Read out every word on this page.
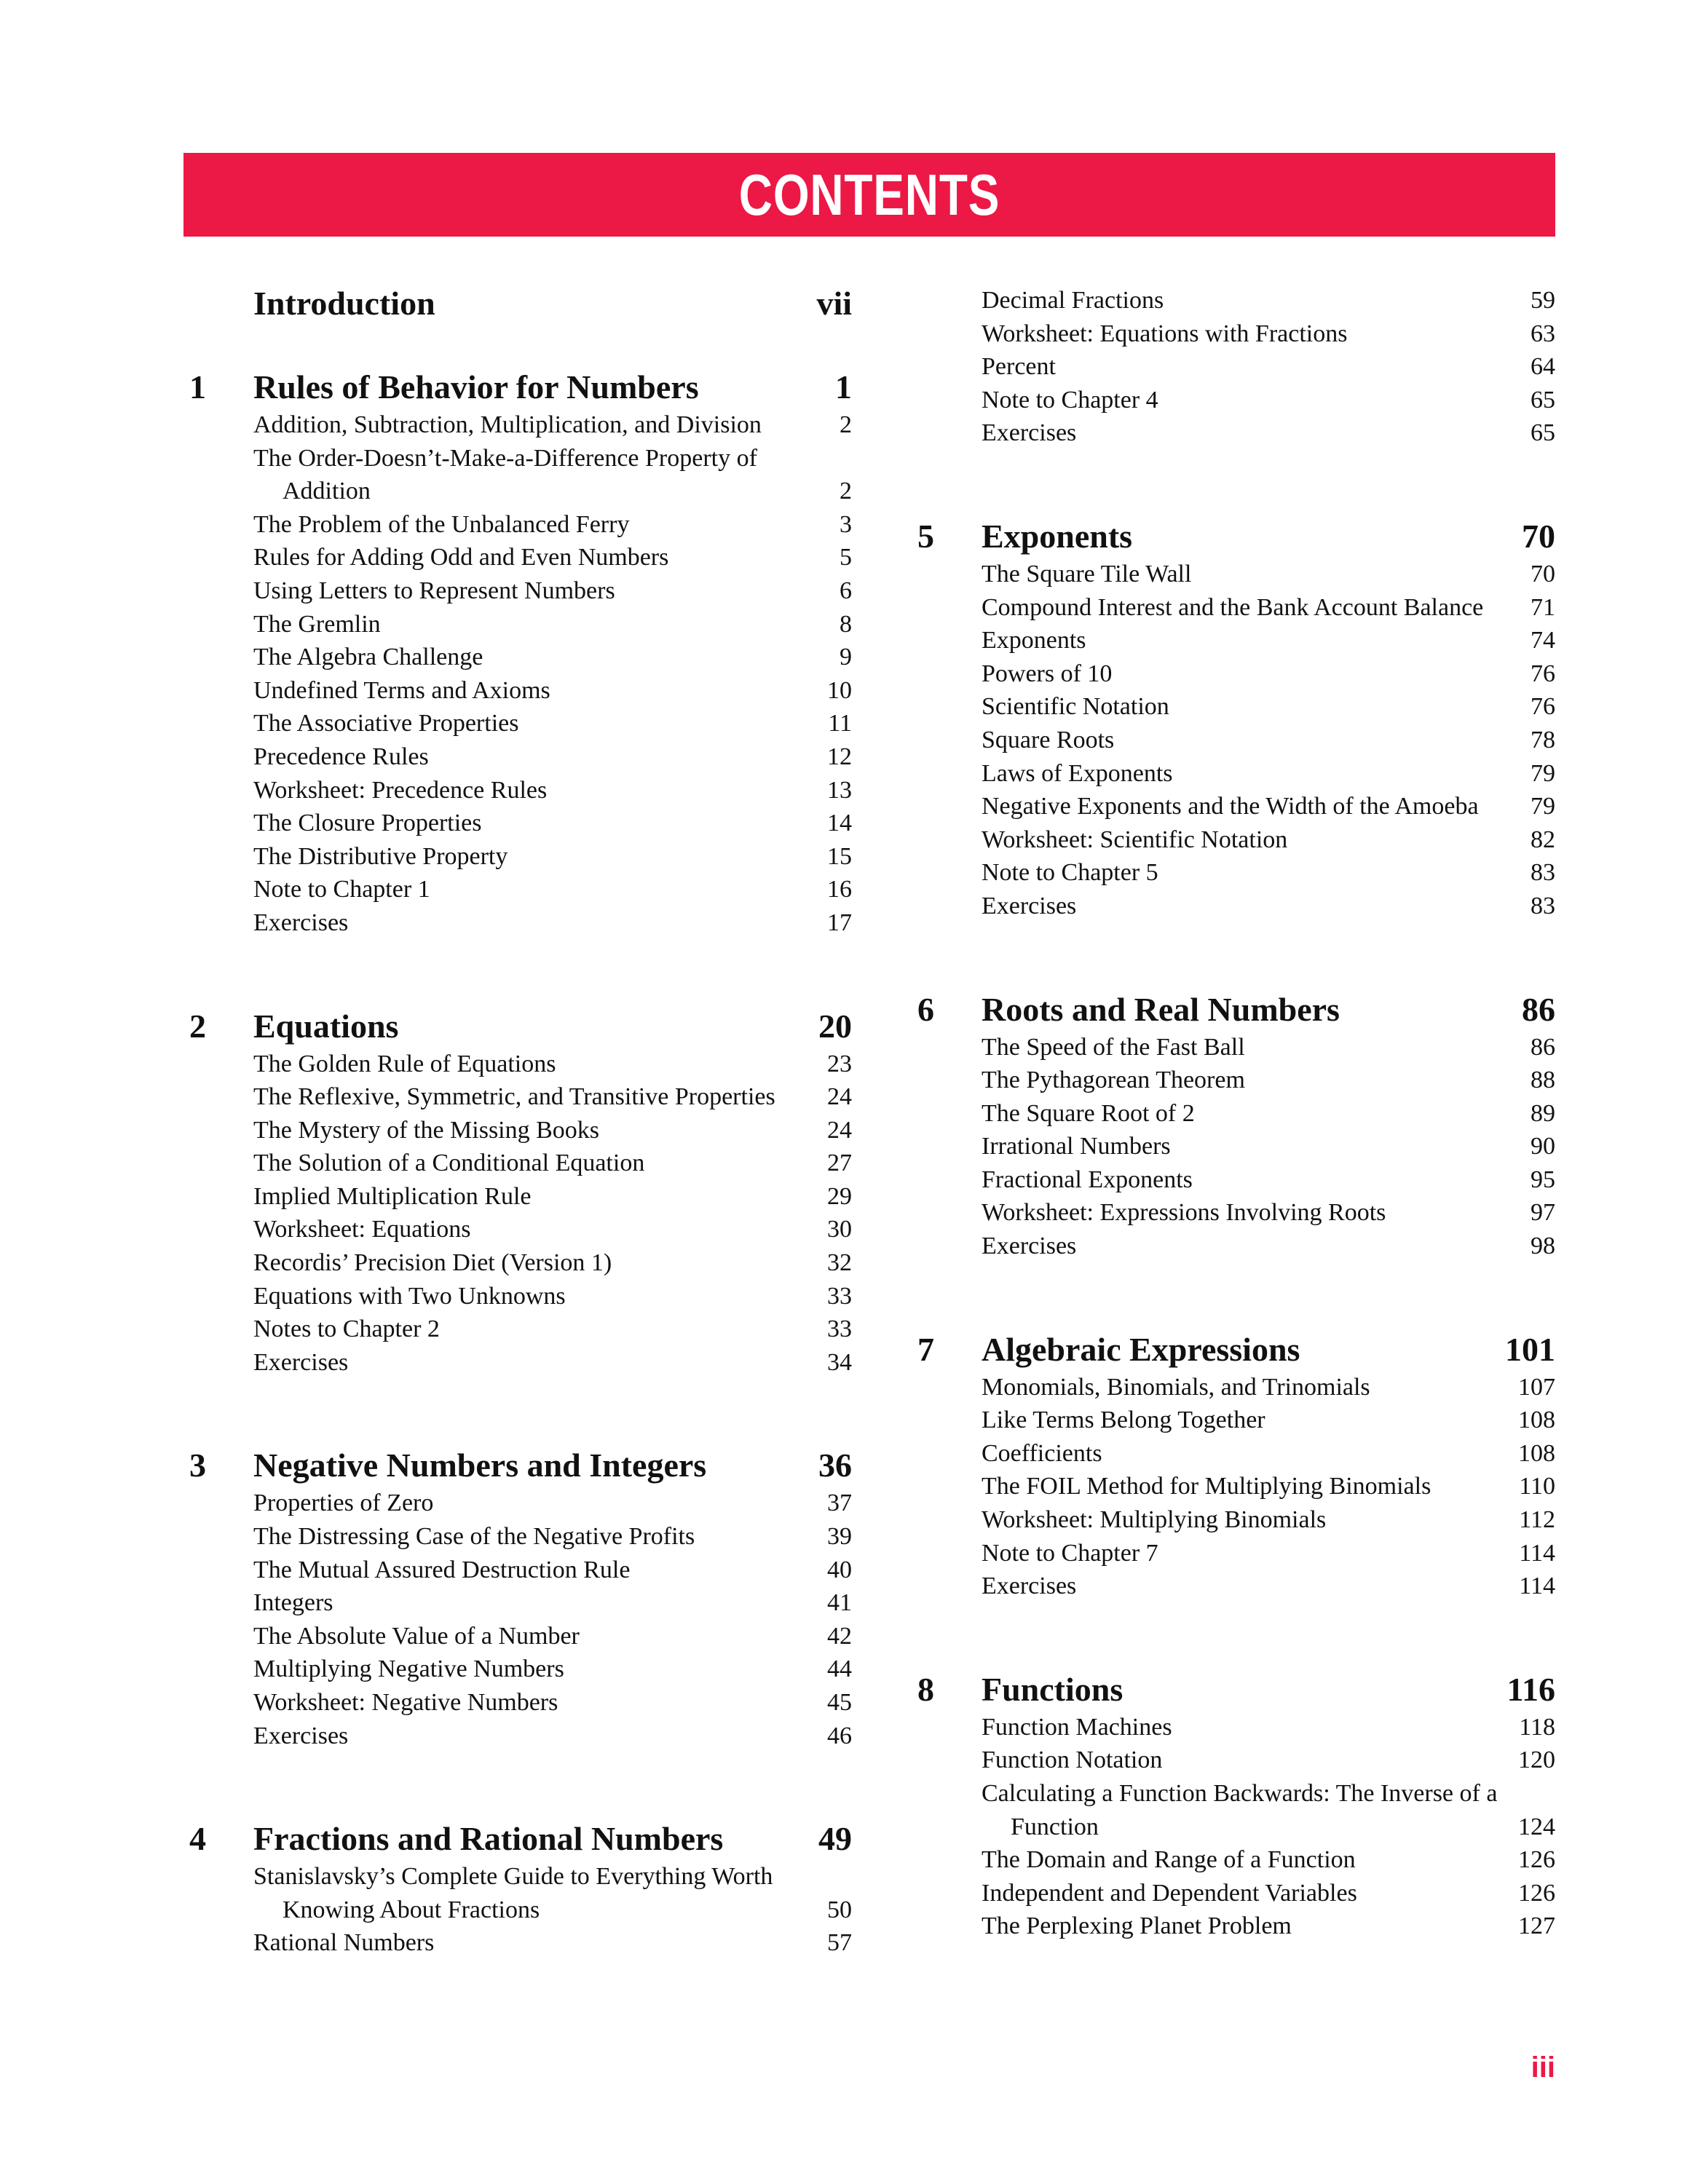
CONTENTS
Introduction	vii
1	Rules of Behavior for Numbers	1
Addition, Subtraction, Multiplication, and Division	2
The Order-Doesn’t-Make-a-Difference Property of Addition	2
The Problem of the Unbalanced Ferry	3
Rules for Adding Odd and Even Numbers	5
Using Letters to Represent Numbers	6
The Gremlin	8
The Algebra Challenge	9
Undefined Terms and Axioms	10
The Associative Properties	11
Precedence Rules	12
Worksheet: Precedence Rules	13
The Closure Properties	14
The Distributive Property	15
Note to Chapter 1	16
Exercises	17
2	Equations	20
The Golden Rule of Equations	23
The Reflexive, Symmetric, and Transitive Properties	24
The Mystery of the Missing Books	24
The Solution of a Conditional Equation	27
Implied Multiplication Rule	29
Worksheet: Equations	30
Recordis’ Precision Diet (Version 1)	32
Equations with Two Unknowns	33
Notes to Chapter 2	33
Exercises	34
3	Negative Numbers and Integers	36
Properties of Zero	37
The Distressing Case of the Negative Profits	39
The Mutual Assured Destruction Rule	40
Integers	41
The Absolute Value of a Number	42
Multiplying Negative Numbers	44
Worksheet: Negative Numbers	45
Exercises	46
4	Fractions and Rational Numbers	49
Stanislavsky’s Complete Guide to Everything Worth Knowing About Fractions	50
Rational Numbers	57
Decimal Fractions	59
Worksheet: Equations with Fractions	63
Percent	64
Note to Chapter 4	65
Exercises	65
5	Exponents	70
The Square Tile Wall	70
Compound Interest and the Bank Account Balance	71
Exponents	74
Powers of 10	76
Scientific Notation	76
Square Roots	78
Laws of Exponents	79
Negative Exponents and the Width of the Amoeba	79
Worksheet: Scientific Notation	82
Note to Chapter 5	83
Exercises	83
6	Roots and Real Numbers	86
The Speed of the Fast Ball	86
The Pythagorean Theorem	88
The Square Root of 2	89
Irrational Numbers	90
Fractional Exponents	95
Worksheet: Expressions Involving Roots	97
Exercises	98
7	Algebraic Expressions	101
Monomials, Binomials, and Trinomials	107
Like Terms Belong Together	108
Coefficients	108
The FOIL Method for Multiplying Binomials	110
Worksheet: Multiplying Binomials	112
Note to Chapter 7	114
Exercises	114
8	Functions	116
Function Machines	118
Function Notation	120
Calculating a Function Backwards: The Inverse of a Function	124
The Domain and Range of a Function	126
Independent and Dependent Variables	126
The Perplexing Planet Problem	127
iii
